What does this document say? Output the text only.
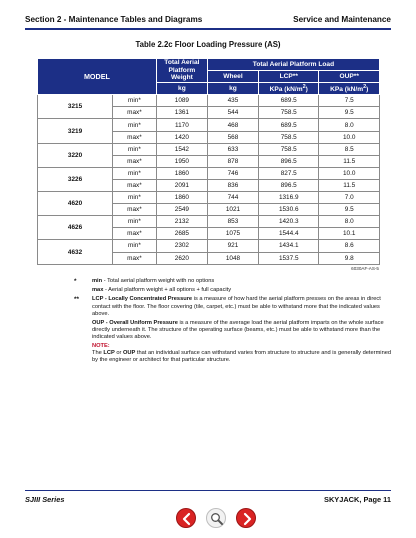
Section 2 - Maintenance Tables and Diagrams	Service and Maintenance
Table 2.2c Floor Loading Pressure (AS)
MODEL		Total Aerial
Platform
Weight	Total Aerial Platform Load		
			Wheel	LCP**	OUP**
		kg	kg	KPa $(kN/m^2)$	KPa $(kN/m^2)$
3215	min*	1089	435	689.5	7.5
	max*	1361	544	758.5	9.5
3219	min*	1170	468	689.5	8.0
	max*	1420	568	758.5	10.0
3220	min*	1542	633	758.5	8.5
	max*	1950	878	896.5	11.5
3226	min*	1860	746	827.5	10.0
	max*	2091	836	896.5	11.5
4620	min*	1860	744	1316.9	7.0
	max*	2549	1021	1530.6	9.5
4626	min*	2132	853	1420.3	8.0
	max*	2685	1075	1544.4	10.1
4632	min*	2302	921	1434.1	8.6
	max*	2620	1048	1537.5	9.8
6030AF-AS-5
*	min - Total aerial platform weight with no options
max - Aerial platform weight + all options + full capacity
** LCP - Locally Concentrated Pressure is a measure of how hard the aerial platform presses on the areas in direct contact with the floor. The floor covering (tile, carpet, etc.) must be able to withstand more that the indicated values above.
OUP - Overall Uniform Pressure is a measure of the average load the aerial platform imparts on the whole surface directly underneath it. The structure of the operating surface (beams, etc.) must be able to withstand more than the indicated values above.
NOTE:
The LCP or OUP that an individual surface can withstand varies from structure to structure and is generally determined by the engineer or architect for that particular structure.
SJIII Series	SKYJACK, Page 11
